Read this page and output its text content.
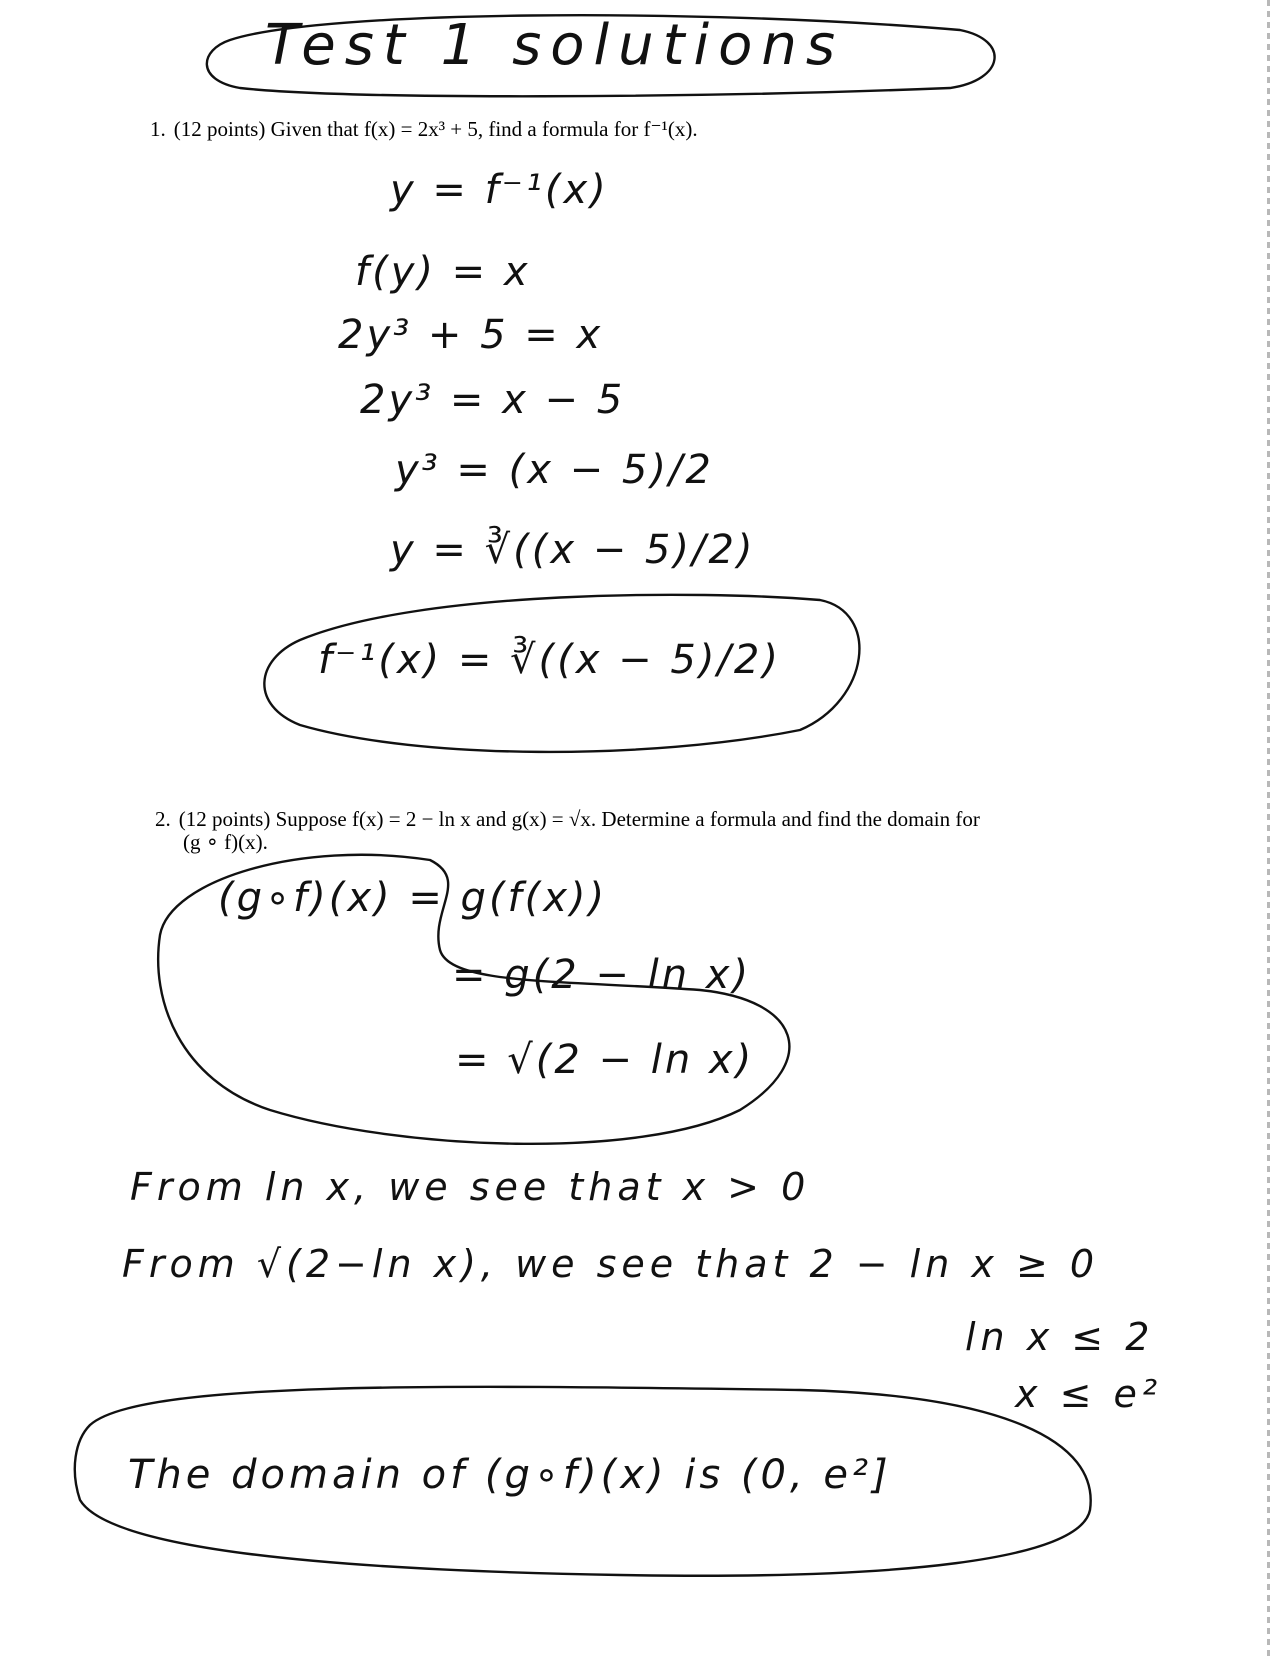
Test 1 solutions
1. (12 points) Given that f(x) = 2x³ + 5, find a formula for f⁻¹(x).
y = f⁻¹(x)
f(y) = x
2y³ + 5 = x
2y³ = x − 5
y³ = (x − 5)/2
y = ∛((x − 5)/2)
f⁻¹(x) = ∛((x − 5)/2)
2. (12 points) Suppose f(x) = 2 − ln x and g(x) = √x. Determine a formula and find the domain for
(g ∘ f)(x).
(g∘f)(x) = g(f(x))
= g(2 − ln x)
= √(2 − ln x)
From ln x, we see that x > 0
From √(2−ln x), we see that 2 − ln x ≥ 0
ln x ≤ 2
x ≤ e²
The domain of (g∘f)(x) is (0, e²]
